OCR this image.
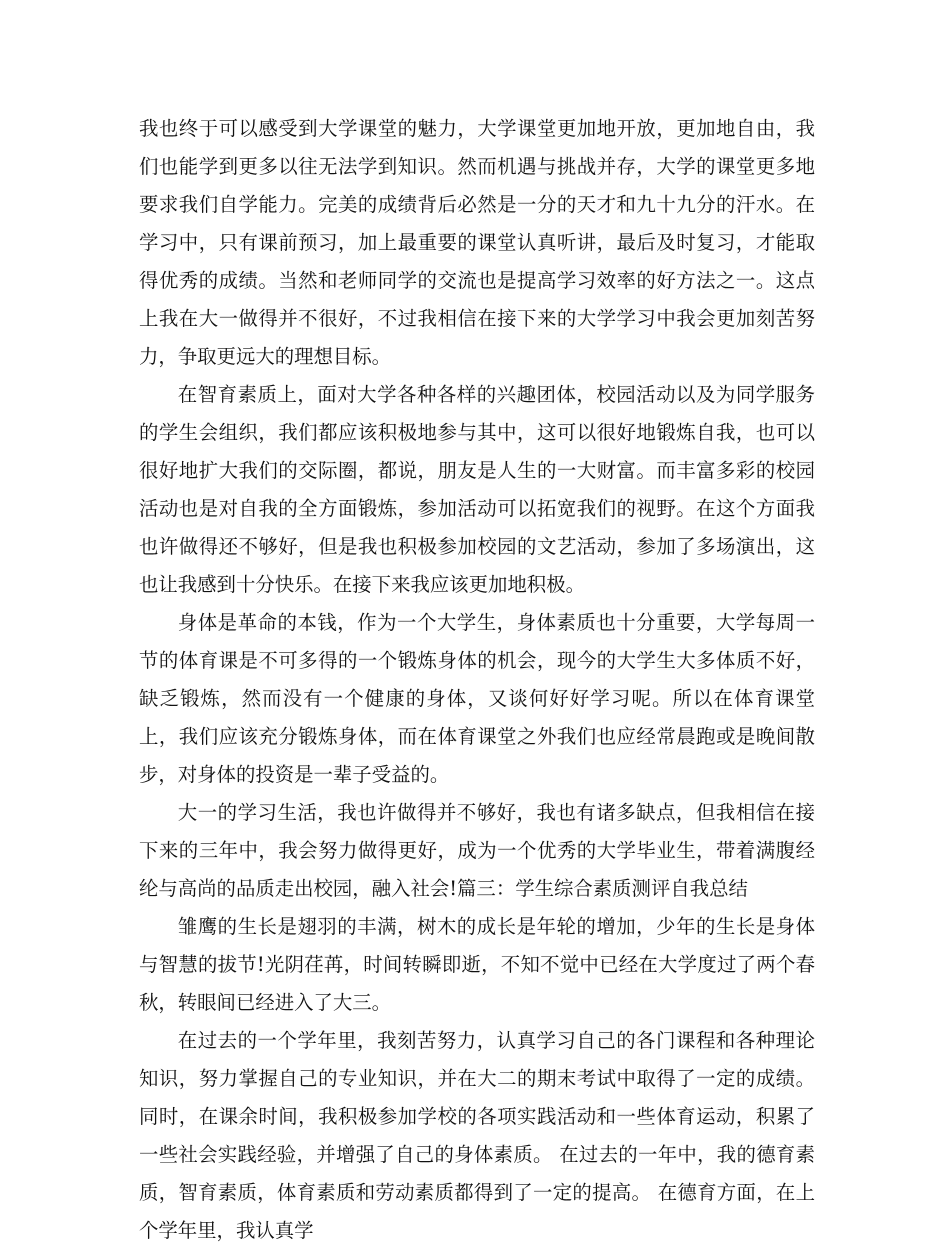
我也终于可以感受到大学课堂的魅力，大学课堂更加地开放，更加地自由，我们也能学到更多以往无法学到知识。然而机遇与挑战并存，大学的课堂更多地要求我们自学能力。完美的成绩背后必然是一分的天才和九十九分的汗水。在学习中，只有课前预习，加上最重要的课堂认真听讲，最后及时复习，才能取得优秀的成绩。当然和老师同学的交流也是提高学习效率的好方法之一。这点上我在大一做得并不很好，不过我相信在接下来的大学学习中我会更加刻苦努力，争取更远大的理想目标。

在智育素质上，面对大学各种各样的兴趣团体，校园活动以及为同学服务的学生会组织，我们都应该积极地参与其中，这可以很好地锻炼自我，也可以很好地扩大我们的交际圈，都说，朋友是人生的一大财富。而丰富多彩的校园活动也是对自我的全方面锻炼，参加活动可以拓宽我们的视野。在这个方面我也许做得还不够好，但是我也积极参加校园的文艺活动，参加了多场演出，这也让我感到十分快乐。在接下来我应该更加地积极。

身体是革命的本钱，作为一个大学生，身体素质也十分重要，大学每周一节的体育课是不可多得的一个锻炼身体的机会，现今的大学生大多体质不好，缺乏锻炼，然而没有一个健康的身体，又谈何好好学习呢。所以在体育课堂上，我们应该充分锻炼身体，而在体育课堂之外我们也应经常晨跑或是晚间散步，对身体的投资是一辈子受益的。

大一的学习生活，我也许做得并不够好，我也有诸多缺点，但我相信在接下来的三年中，我会努力做得更好，成为一个优秀的大学毕业生，带着满腹经纶与高尚的品质走出校园，融入社会!篇三：学生综合素质测评自我总结

雏鹰的生长是翅羽的丰满，树木的成长是年轮的增加，少年的生长是身体与智慧的拔节!光阴荏苒，时间转瞬即逝，不知不觉中已经在大学度过了两个春秋，转眼间已经进入了大三。

在过去的一个学年里，我刻苦努力，认真学习自己的各门课程和各种理论知识，努力掌握自己的专业知识，并在大二的期末考试中取得了一定的成绩。同时，在课余时间，我积极参加学校的各项实践活动和一些体育运动，积累了一些社会实践经验，并增强了自己的身体素质。 在过去的一年中，我的德育素质，智育素质，体育素质和劳动素质都得到了一定的提高。 在德育方面，在上个学年里，我认真学
